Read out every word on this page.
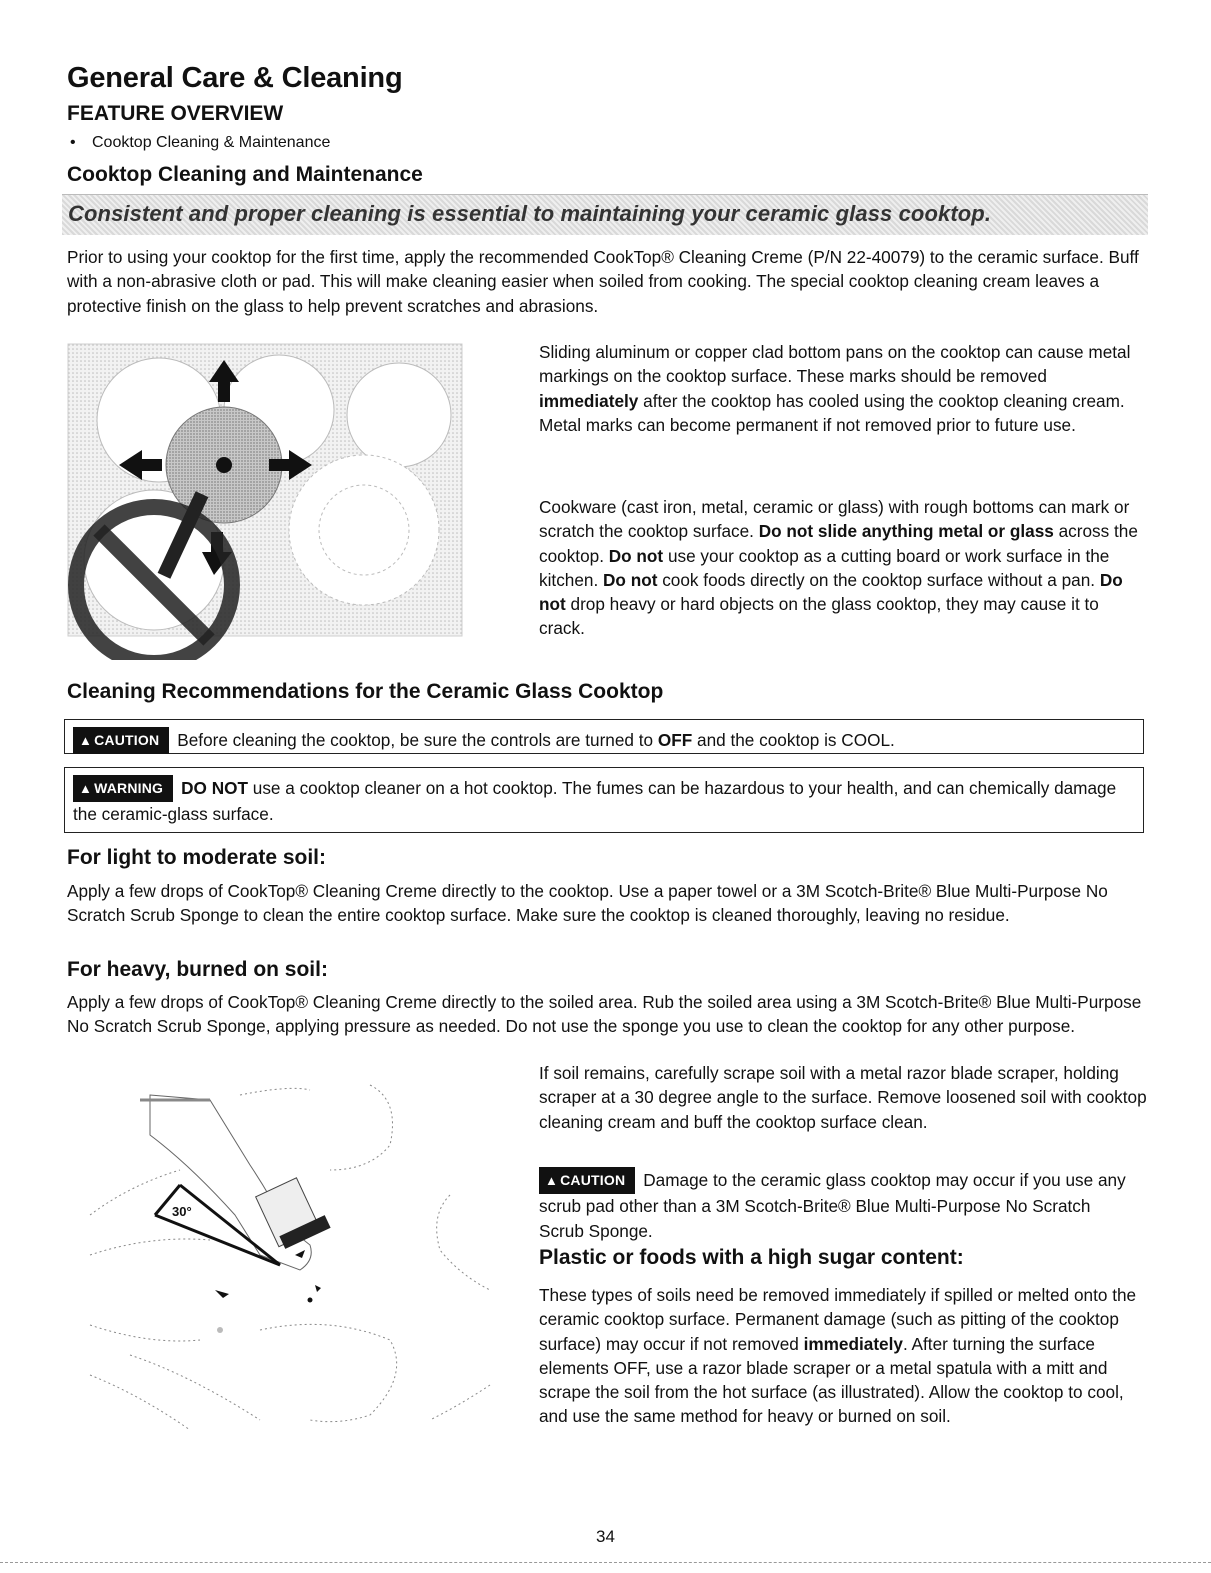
General Care & Cleaning
FEATURE OVERVIEW
• Cooktop Cleaning & Maintenance
Cooktop Cleaning and Maintenance
Consistent and proper cleaning is essential to maintaining your ceramic glass cooktop.

Prior to using your cooktop for the first time, apply the recommended CookTop® Cleaning Creme (P/N 22-40079) to the ceramic surface. Buff with a non-abrasive cloth or pad. This will make cleaning easier when soiled from cooking. The special cooktop cleaning cream leaves a protective finish on the glass to help prevent scratches and abrasions.

Sliding aluminum or copper clad bottom pans on the cooktop can cause metal markings on the cooktop surface. These marks should be removed immediately after the cooktop has cooled using the cooktop cleaning cream. Metal marks can become permanent if not removed prior to future use.

Cookware (cast iron, metal, ceramic or glass) with rough bottoms can mark or scratch the cooktop surface. Do not slide anything metal or glass across the cooktop. Do not use your cooktop as a cutting board or work surface in the kitchen. Do not cook foods directly on the cooktop surface without a pan. Do not drop heavy or hard objects on the glass cooktop, they may cause it to crack.

Cleaning Recommendations for the Ceramic Glass Cooktop
▲ CAUTION Before cleaning the cooktop, be sure the controls are turned to OFF and the cooktop is COOL.
▲ WARNING DO NOT use a cooktop cleaner on a hot cooktop. The fumes can be hazardous to your health, and can chemically damage the ceramic-glass surface.
For light to moderate soil:

Apply a few drops of CookTop® Cleaning Creme directly to the cooktop. Use a paper towel or a 3M Scotch-Brite® Blue Multi-Purpose No Scratch Scrub Sponge to clean the entire cooktop surface. Make sure the cooktop is cleaned thoroughly, leaving no residue.

For heavy, burned on soil:

Apply a few drops of CookTop® Cleaning Creme directly to the soiled area. Rub the soiled area using a 3M Scotch-Brite® Blue Multi-Purpose No Scratch Scrub Sponge, applying pressure as needed. Do not use the sponge you use to clean the cooktop for any other purpose.

30°

If soil remains, carefully scrape soil with a metal razor blade scraper, holding scraper at a 30 degree angle to the surface. Remove loosened soil with cooktop cleaning cream and buff the cooktop surface clean.

▲ CAUTION Damage to the ceramic glass cooktop may occur if you use any scrub pad other than a 3M Scotch-Brite® Blue Multi-Purpose No Scratch Scrub Sponge.

Plastic or foods with a high sugar content:

These types of soils need be removed immediately if spilled or melted onto the ceramic cooktop surface. Permanent damage (such as pitting of the cooktop surface) may occur if not removed immediately. After turning the surface elements OFF, use a razor blade scraper or a metal spatula with a mitt and scrape the soil from the hot surface (as illustrated). Allow the cooktop to cool, and use the same method for heavy or burned on soil.

34
